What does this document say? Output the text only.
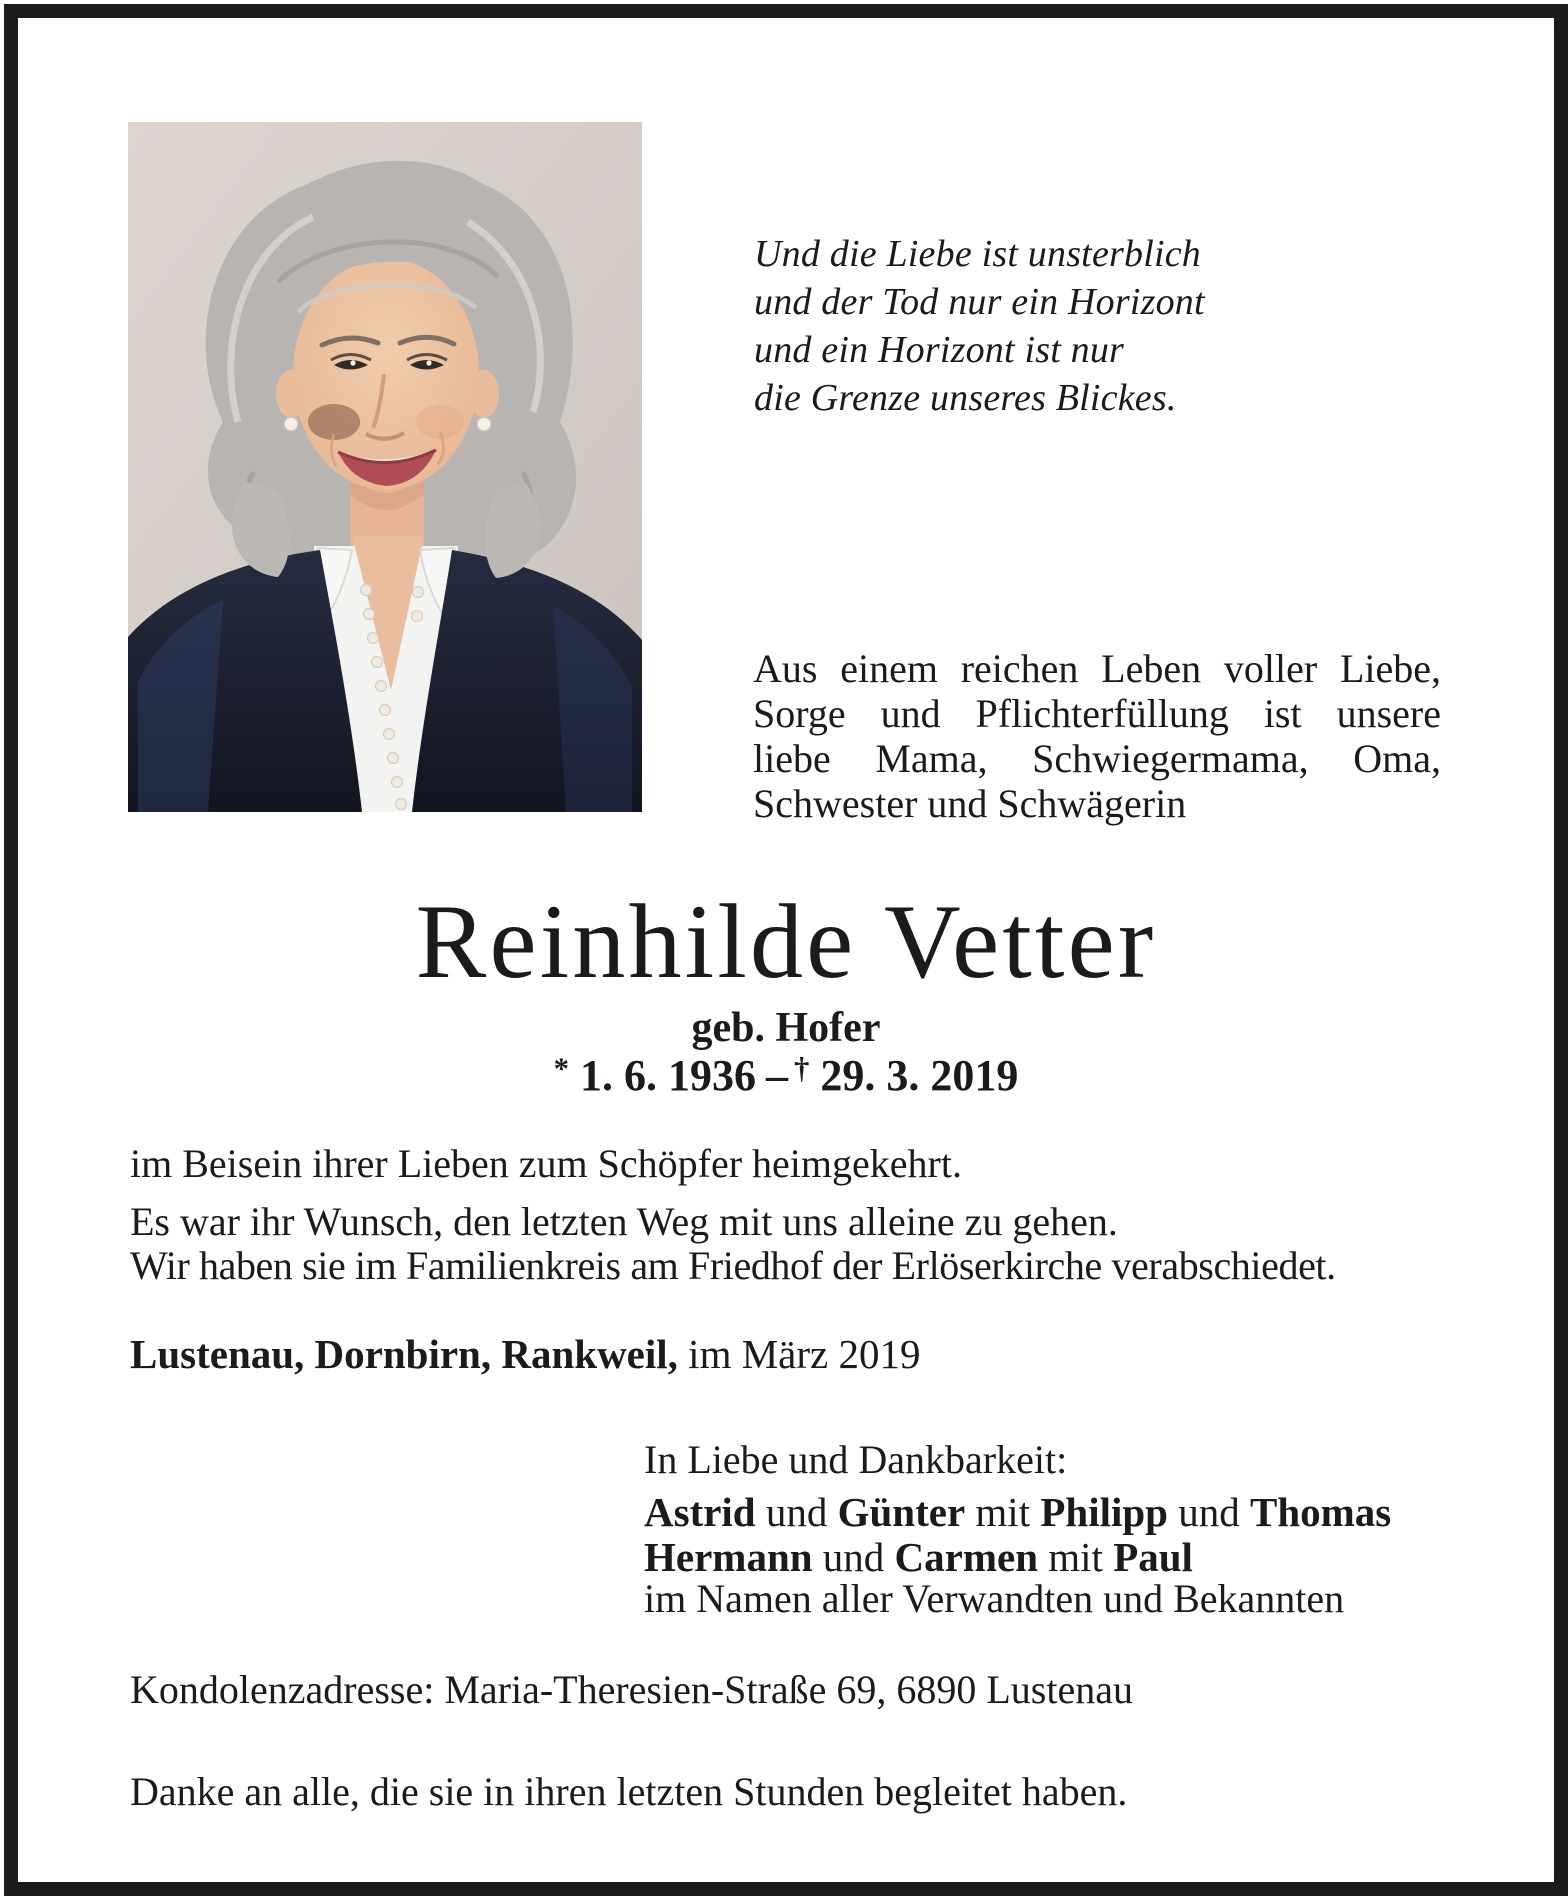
Und die Liebe ist unsterblich
und der Tod nur ein Horizont
und ein Horizont ist nur
die Grenze unseres Blickes.
Aus einem reichen Leben voller Liebe,
Sorge und Pflichterfüllung ist unsere
liebe Mama, Schwiegermama, Oma,
Schwester und Schwägerin
Reinhilde Vetter
geb. Hofer
* 1. 6. 1936 – † 29. 3. 2019
im Beisein ihrer Lieben zum Schöpfer heimgekehrt.
Es war ihr Wunsch, den letzten Weg mit uns alleine zu gehen.
Wir haben sie im Familienkreis am Friedhof der Erlöserkirche verabschiedet.
Lustenau, Dornbirn, Rankweil, im März 2019
In Liebe und Dankbarkeit:
Astrid und Günter mit Philipp und Thomas
Hermann und Carmen mit Paul
im Namen aller Verwandten und Bekannten
Kondolenzadresse: Maria-Theresien-Straße 69, 6890 Lustenau
Danke an alle, die sie in ihren letzten Stunden begleitet haben.
